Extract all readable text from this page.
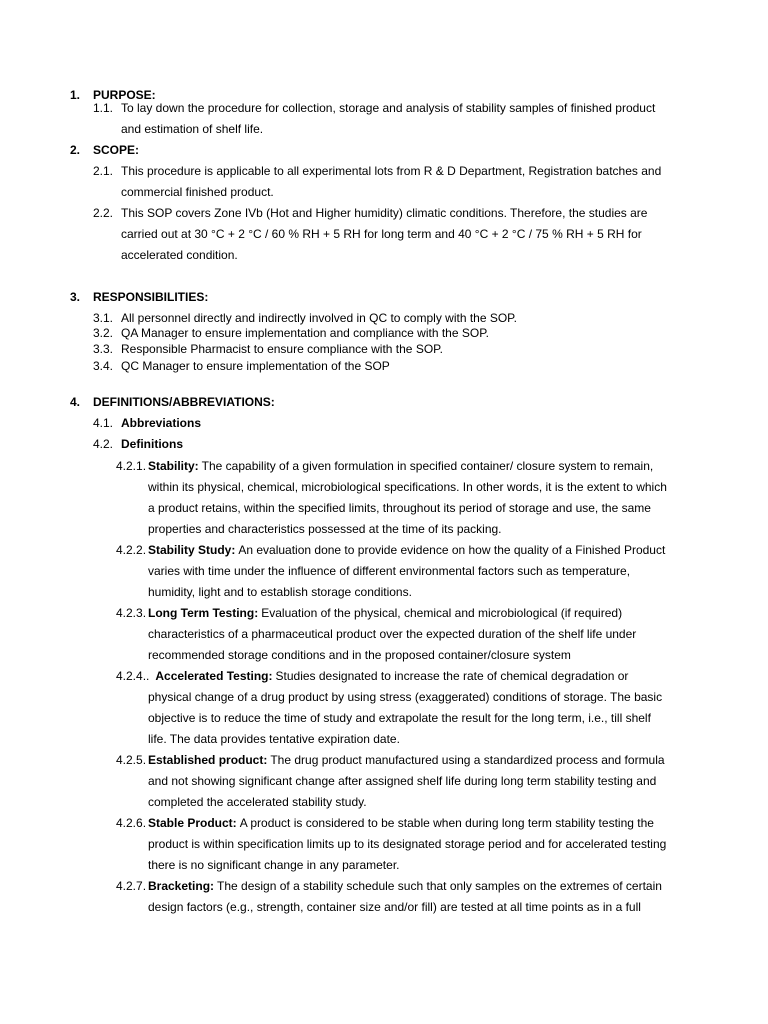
1. PURPOSE:
1.1. To lay down the procedure for collection, storage and analysis of stability samples of finished product
and estimation of shelf life.
2. SCOPE:
2.1. This procedure is applicable to all experimental lots from R & D Department, Registration batches and
commercial finished product.
2.2. This SOP covers Zone IVb (Hot and Higher humidity) climatic conditions. Therefore, the studies are
carried out at 30 °C + 2 °C / 60 % RH + 5 RH for long term and 40 °C + 2 °C / 75 % RH + 5 RH for
accelerated condition.
3. RESPONSIBILITIES:
3.1. All personnel directly and indirectly involved in QC to comply with the SOP.
3.2. QA Manager to ensure implementation and compliance with the SOP.
3.3. Responsible Pharmacist to ensure compliance with the SOP.
3.4. QC Manager to ensure implementation of the SOP
4. DEFINITIONS/ABBREVIATIONS:
4.1. Abbreviations
4.2. Definitions
4.2.1. Stability: The capability of a given formulation in specified container/ closure system to remain,
within its physical, chemical, microbiological specifications. In other words, it is the extent to which
a product retains, within the specified limits, throughout its period of storage and use, the same
properties and characteristics possessed at the time of its packing.
4.2.2. Stability Study: An evaluation done to provide evidence on how the quality of a Finished Product
varies with time under the influence of different environmental factors such as temperature,
humidity, light and to establish storage conditions.
4.2.3. Long Term Testing: Evaluation of the physical, chemical and microbiological (if required)
characteristics of a pharmaceutical product over the expected duration of the shelf life under
recommended storage conditions and in the proposed container/closure system
4.2.4.. Accelerated Testing: Studies designated to increase the rate of chemical degradation or
physical change of a drug product by using stress (exaggerated) conditions of storage. The basic
objective is to reduce the time of study and extrapolate the result for the long term, i.e., till shelf
life. The data provides tentative expiration date.
4.2.5. Established product: The drug product manufactured using a standardized process and formula
and not showing significant change after assigned shelf life during long term stability testing and
completed the accelerated stability study.
4.2.6. Stable Product: A product is considered to be stable when during long term stability testing the
product is within specification limits up to its designated storage period and for accelerated testing
there is no significant change in any parameter.
4.2.7. Bracketing: The design of a stability schedule such that only samples on the extremes of certain
design factors (e.g., strength, container size and/or fill) are tested at all time points as in a full
